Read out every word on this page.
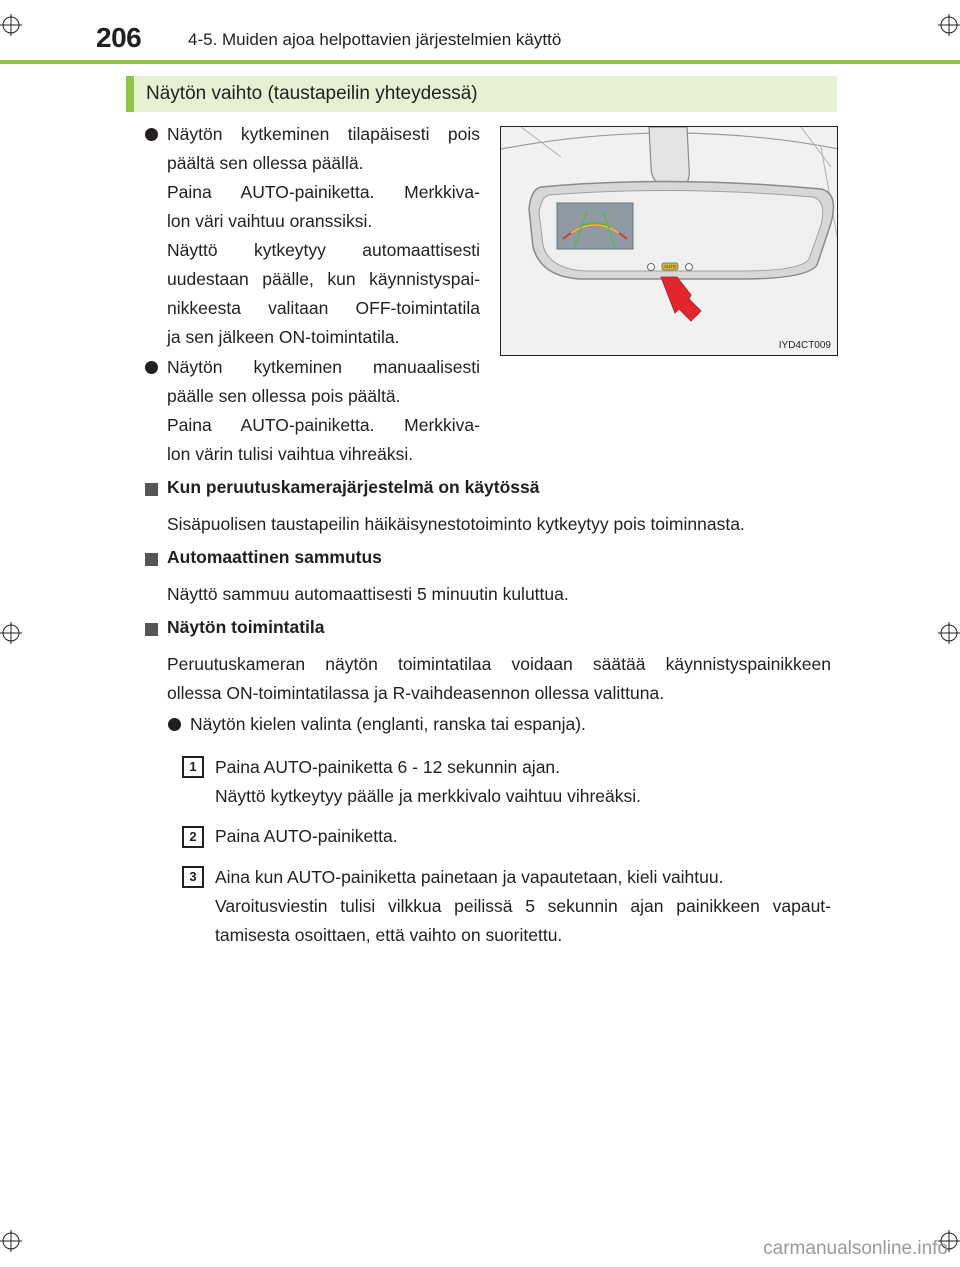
206	4-5. Muiden ajoa helpottavien järjestelmien käyttö
Näytön vaihto (taustapeilin yhteydessä)
AUTO
IYD4CT009
Näytön kytkeminen tilapäisesti pois
päältä sen ollessa päällä.
Paina AUTO-painiketta. Merkkiva-
lon väri vaihtuu oranssiksi.
Näyttö kytkeytyy automaattisesti
uudestaan päälle, kun käynnistyspai-
nikkeesta valitaan OFF-toimintatila
ja sen jälkeen ON-toimintatila.
Näytön kytkeminen manuaalisesti
päälle sen ollessa pois päältä.
Paina AUTO-painiketta. Merkkiva-
lon värin tulisi vaihtua vihreäksi.
Kun peruutuskamerajärjestelmä on käytössä
Sisäpuolisen taustapeilin häikäisynestotoiminto kytkeytyy pois toiminnasta.
Automaattinen sammutus
Näyttö sammuu automaattisesti 5 minuutin kuluttua.
Näytön toimintatila
Peruutuskameran näytön toimintatilaa voidaan säätää käynnistyspainikkeen
ollessa ON-toimintatilassa ja R-vaihdeasennon ollessa valittuna.
Näytön kielen valinta (englanti, ranska tai espanja).
1	Paina AUTO-painiketta 6 - 12 sekunnin ajan.
Näyttö kytkeytyy päälle ja merkkivalo vaihtuu vihreäksi.
2	Paina AUTO-painiketta.
3	Aina kun AUTO-painiketta painetaan ja vapautetaan, kieli vaihtuu.
Varoitusviestin tulisi vilkkua peilissä 5 sekunnin ajan painikkeen vapaut-
tamisesta osoittaen, että vaihto on suoritettu.
carmanualsonline.info
